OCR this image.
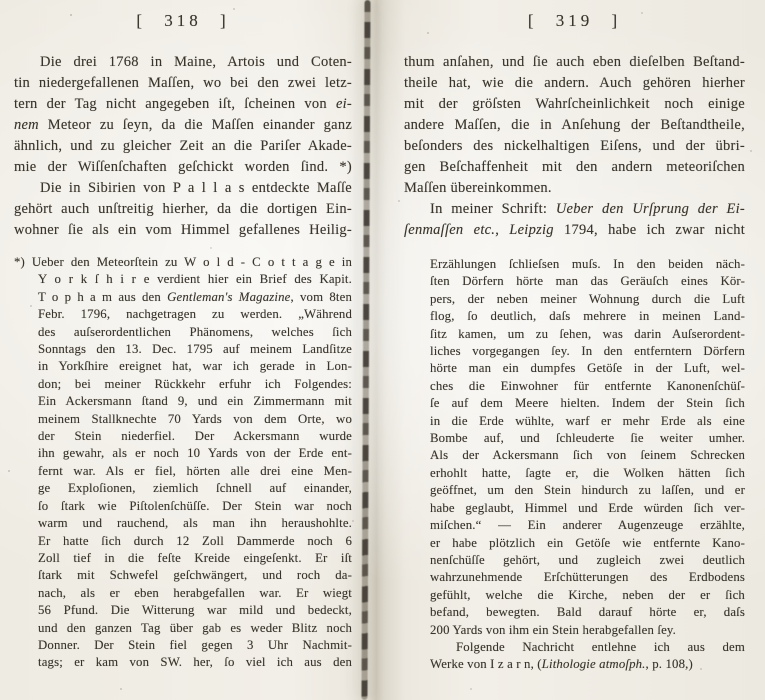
[ 318 ]
Die drei 1768 in Maine, Artois und Coten-
tin niedergefallenen Maſſen, wo bei den zwei letz-
tern der Tag nicht angegeben iſt, ſcheinen von ei-
nem Meteor zu ſeyn, da die Maſſen einander ganz
ähnlich, und zu gleicher Zeit an die Pariſer Akade-
mie der Wiſſenſchaften geſchickt worden ſind. *)
Die in Sibirien von P a l l a s entdeckte Maſſe
gehört auch unſtreitig hierher, da die dortigen Ein-
wohner ſie als ein vom Himmel gefallenes Heilig-
*) Ueber den Meteorſtein zu W o l d - C o t t a g e in
Y o r k ſ h i r e verdient hier ein Brief des Kapit.
T o p h a m aus den Gentleman's Magazine, vom 8ten
Febr. 1796, nachgetragen zu werden. „Während
des auſserordentlichen Phänomens, welches ſich
Sonntags den 13. Dec. 1795 auf meinem Landſitze
in Yorkſhire ereignet hat, war ich gerade in Lon-
don; bei meiner Rückkehr erfuhr ich Folgendes:
Ein Ackersmann ſtand 9, und ein Zimmermann mit
meinem Stallknechte 70 Yards von dem Orte, wo
der Stein niederfiel. Der Ackersmann wurde
ihn gewahr, als er noch 10 Yards von der Erde ent-
fernt war. Als er fiel, hörten alle drei eine Men-
ge Exploſionen, ziemlich ſchnell auf einander,
ſo ſtark wie Piſtolenſchüſſe. Der Stein war noch
warm und rauchend, als man ihn heraushohlte.
Er hatte ſich durch 12 Zoll Dammerde noch 6
Zoll tief in die feſte Kreide eingeſenkt. Er iſt
ſtark mit Schwefel geſchwängert, und roch da-
nach, als er eben herabgefallen war. Er wiegt
56 Pfund. Die Witterung war mild und bedeckt,
und den ganzen Tag über gab es weder Blitz noch
Donner. Der Stein fiel gegen 3 Uhr Nachmit-
tags; er kam von SW. her, ſo viel ich aus den
[ 319 ]
thum anſahen, und ſie auch eben dieſelben Beſtand-
theile hat, wie die andern. Auch gehören hierher
mit der gröſsten Wahrſcheinlichkeit noch einige
andere Maſſen, die in Anſehung der Beſtandtheile,
beſonders des nickelhaltigen Eiſens, und der übri-
gen Beſchaffenheit mit den andern meteoriſchen
Maſſen übereinkommen.
In meiner Schrift: Ueber den Urſprung der Ei-
ſenmaſſen etc., Leipzig 1794, habe ich zwar nicht
Erzählungen ſchlieſsen muſs. In den beiden näch-
ſten Dörfern hörte man das Geräuſch eines Kör-
pers, der neben meiner Wohnung durch die Luft
flog, ſo deutlich, daſs mehrere in meinen Land-
ſitz kamen, um zu ſehen, was darin Auſserordent-
liches vorgegangen ſey. In den entferntern Dörfern
hörte man ein dumpfes Getöſe in der Luft, wel-
ches die Einwohner für entfernte Kanonenſchüſ-
ſe auf dem Meere hielten. Indem der Stein ſich
in die Erde wühlte, warf er mehr Erde als eine
Bombe auf, und ſchleuderte ſie weiter umher.
Als der Ackersmann ſich von ſeinem Schrecken
erhohlt hatte, ſagte er, die Wolken hätten ſich
geöffnet, um den Stein hindurch zu laſſen, und er
habe geglaubt, Himmel und Erde würden ſich ver-
miſchen.“ — Ein anderer Augenzeuge erzählte,
er habe plötzlich ein Getöſe wie entfernte Kano-
nenſchüſſe gehört, und zugleich zwei deutlich
wahrzunehmende Erſchütterungen des Erdbodens
gefühlt, welche die Kirche, neben der er ſich
befand, bewegten. Bald darauf hörte er, daſs
200 Yards von ihm ein Stein herabgefallen ſey.
Folgende Nachricht entlehne ich aus dem
Werke von I z a r n, (Lithologie atmoſph., p. 108,)
